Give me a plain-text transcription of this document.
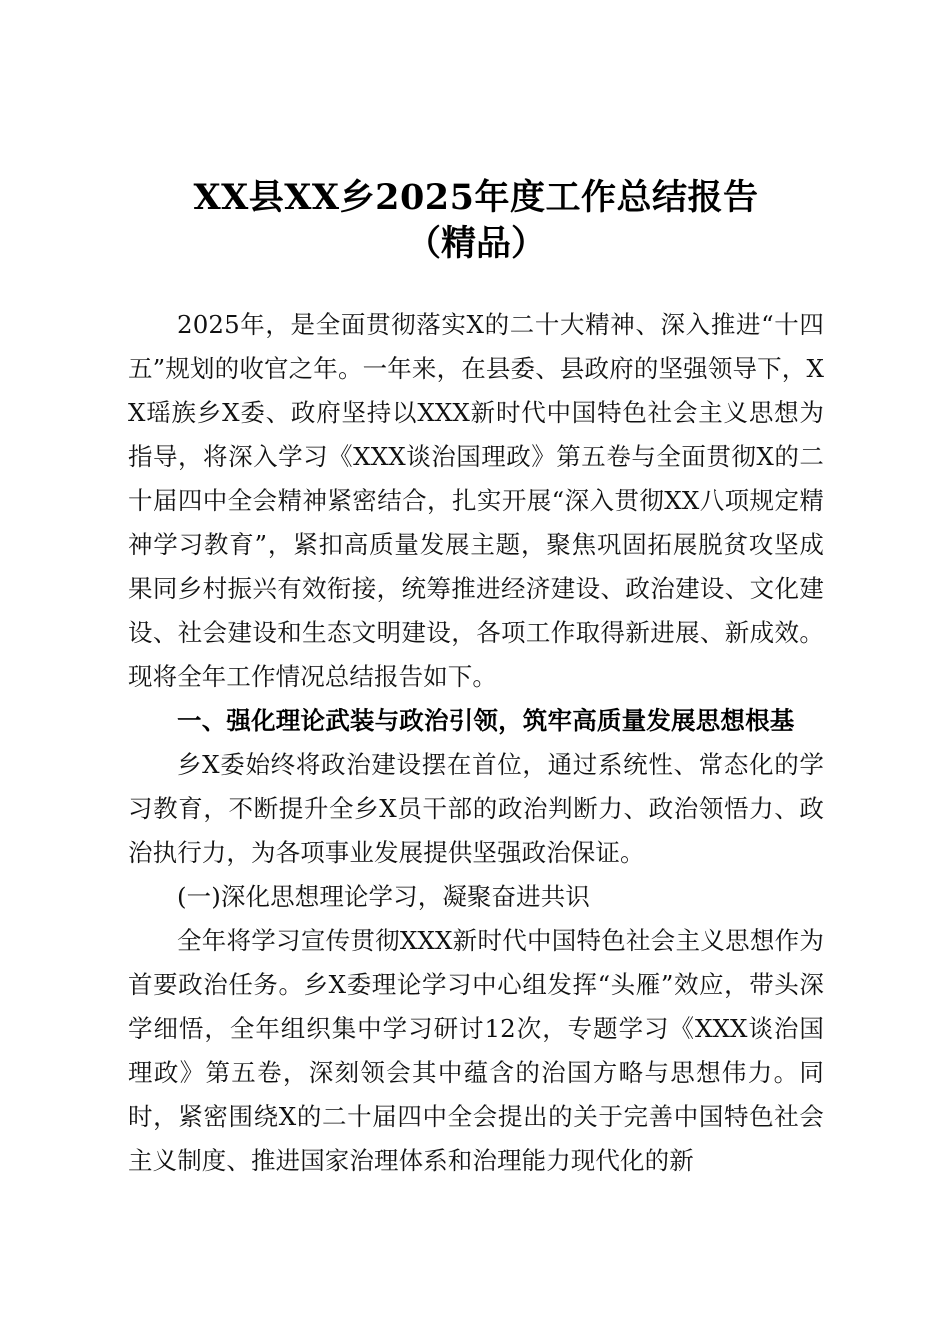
XX县XX乡2025年度工作总结报告
（精品）

2025年，是全面贯彻落实X的二十大精神、深入推进“十四五”规划的收官之年。一年来，在县委、县政府的坚强领导下，XX瑶族乡X委、政府坚持以XXX新时代中国特色社会主义思想为指导，将深入学习《XXX谈治国理政》第五卷与全面贯彻X的二十届四中全会精神紧密结合，扎实开展“深入贯彻XX八项规定精神学习教育”，紧扣高质量发展主题，聚焦巩固拓展脱贫攻坚成果同乡村振兴有效衔接，统筹推进经济建设、政治建设、文化建设、社会建设和生态文明建设，各项工作取得新进展、新成效。现将全年工作情况总结报告如下。

一、强化理论武装与政治引领，筑牢高质量发展思想根基

乡X委始终将政治建设摆在首位，通过系统性、常态化的学习教育，不断提升全乡X员干部的政治判断力、政治领悟力、政治执行力，为各项事业发展提供坚强政治保证。

(一)深化思想理论学习，凝聚奋进共识

全年将学习宣传贯彻XXX新时代中国特色社会主义思想作为首要政治任务。乡X委理论学习中心组发挥“头雁”效应，带头深学细悟，全年组织集中学习研讨12次，专题学习《XXX谈治国理政》第五卷，深刻领会其中蕴含的治国方略与思想伟力。同时，紧密围绕X的二十届四中全会提出的关于完善中国特色社会主义制度、推进国家治理体系和治理能力现代化的新
